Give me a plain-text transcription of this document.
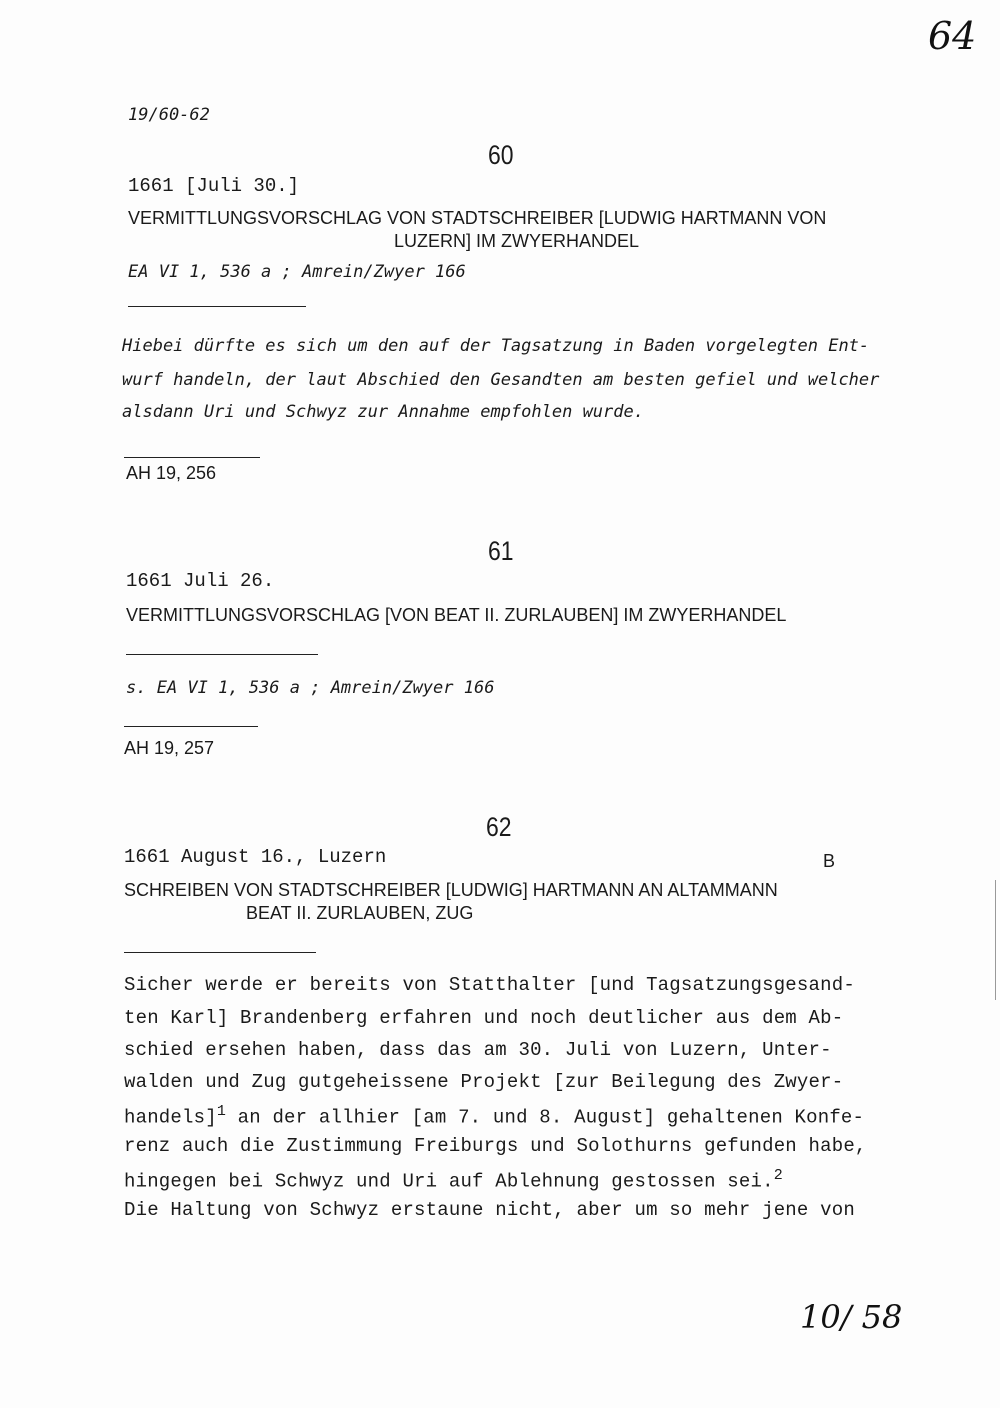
64
10/ 58
19/60-62
60
1661 [Juli 30.]
VERMITTLUNGSVORSCHLAG VON STADTSCHREIBER [LUDWIG HARTMANN VON
LUZERN] IM ZWYERHANDEL
EA VI 1, 536 a ; Amrein/Zwyer 166
Hiebei dürfte es sich um den auf der Tagsatzung in Baden vorgelegten Ent-
wurf handeln, der laut Abschied den Gesandten am besten gefiel und welcher
alsdann Uri und Schwyz zur Annahme empfohlen wurde.
AH 19, 256
61
1661 Juli 26.
VERMITTLUNGSVORSCHLAG [VON BEAT II. ZURLAUBEN] IM ZWYERHANDEL
s. EA VI 1, 536 a ; Amrein/Zwyer 166
AH 19, 257
62
1661 August 16., Luzern	B
SCHREIBEN VON STADTSCHREIBER [LUDWIG] HARTMANN AN ALTAMMANN
BEAT II. ZURLAUBEN, ZUG
Sicher werde er bereits von Statthalter [und Tagsatzungsgesand-
ten Karl] Brandenberg erfahren und noch deutlicher aus dem Ab-
schied ersehen haben, dass das am 30. Juli von Luzern, Unter-
walden und Zug gutgeheissene Projekt [zur Beilegung des Zwyer-
handels]$^1$ an der allhier [am 7. und 8. August] gehaltenen Konfe-
renz auch die Zustimmung Freiburgs und Solothurns gefunden habe,
hingegen bei Schwyz und Uri auf Ablehnung gestossen sei.$^2$
Die Haltung von Schwyz erstaune nicht, aber um so mehr jene von
